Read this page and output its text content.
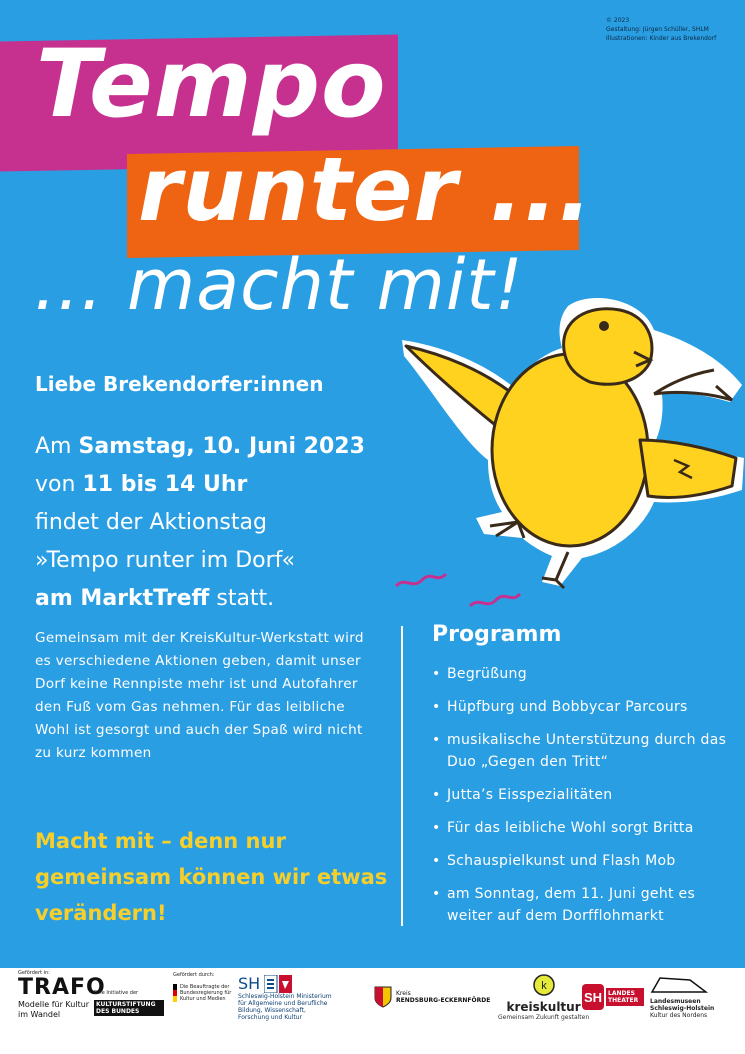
© 2023
Gestaltung: Jürgen Schüller, SHLM
Illustrationen: Kinder aus Brekendorf
Tempo
runter ...
... macht mit!
Liebe Brekendorfer:innen
Am Samstag, 10. Juni 2023
von 11 bis 14 Uhr
findet der Aktionstag
»Tempo runter im Dorf«
am MarktTreff statt.
Gemeinsam mit der KreisKultur-Werkstatt wird es verschiedene Aktionen geben, damit unser Dorf keine Rennpiste mehr ist und Autofahrer den Fuß vom Gas nehmen. Für das leibliche Wohl ist gesorgt und auch der Spaß wird nicht zu kurz kommen
Macht mit – denn nur gemeinsam können wir etwas verändern!
Programm
• Begrüßung
• Hüpfburg und Bobbycar Parcours
• musikalische Unterstützung durch das Duo „Gegen den Tritt“
• Jutta’s Eisspezialitäten
• Für das leibliche Wohl sorgt Britta
• Schauspielkunst und Flash Mob
• am Sonntag, dem 11. Juni geht es weiter auf dem Dorfflohmarkt
Gefördert in:
TRAFO
Modelle für Kultur im Wandel
Eine Initiative der
KULTURSTIFTUNG DES BUNDES
Gefördert durch:
Die Beauftragte der Bundesregierung für Kultur und Medien
SH
Schleswig-Holstein Ministerium für Allgemeine und Berufliche Bildung, Wissenschaft, Forschung und Kultur
Kreis
RENDSBURG-ECKERNFÖRDE
k
kreiskultur
Gemeinsam Zukunft gestalten
SH LANDES THEATER	Landesmuseen Schleswig-Holstein
Kultur des Nordens
